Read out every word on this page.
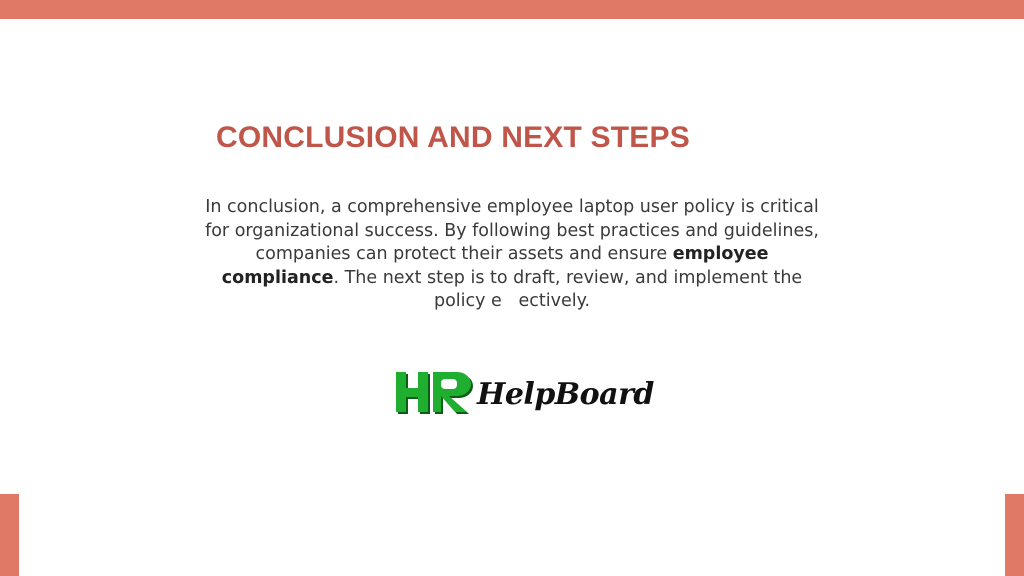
CONCLUSION AND NEXT STEPS

In conclusion, a comprehensive employee laptop user policy is critical for organizational success. By following best practices and guidelines, companies can protect their assets and ensure employee compliance. The next step is to draft, review, and implement the policy e   ectively.

HelpBoard
